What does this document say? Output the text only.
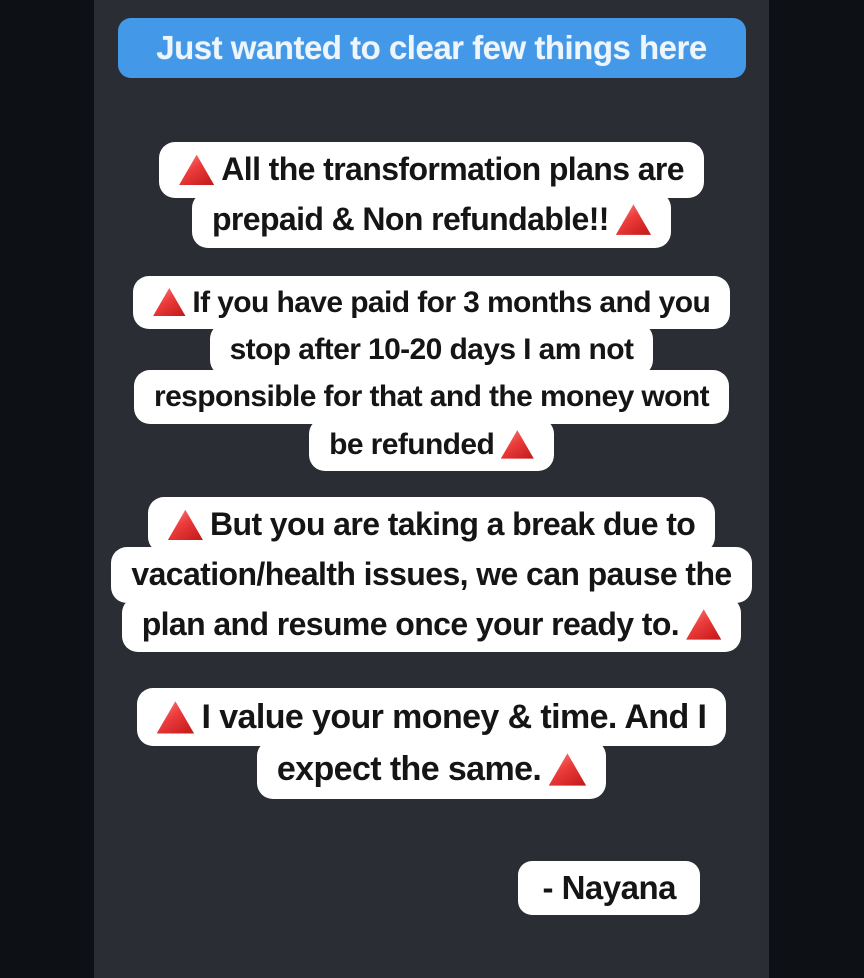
Just wanted to clear few things here
All the transformation plans are
prepaid & Non refundable!!
If you have paid for 3 months and you
stop after 10-20 days I am not
responsible for that and the money wont
be refunded
But you are taking a break due to
vacation/health issues, we can pause the
plan and resume once your ready to.
I value your money & time. And I
expect the same.
- Nayana
